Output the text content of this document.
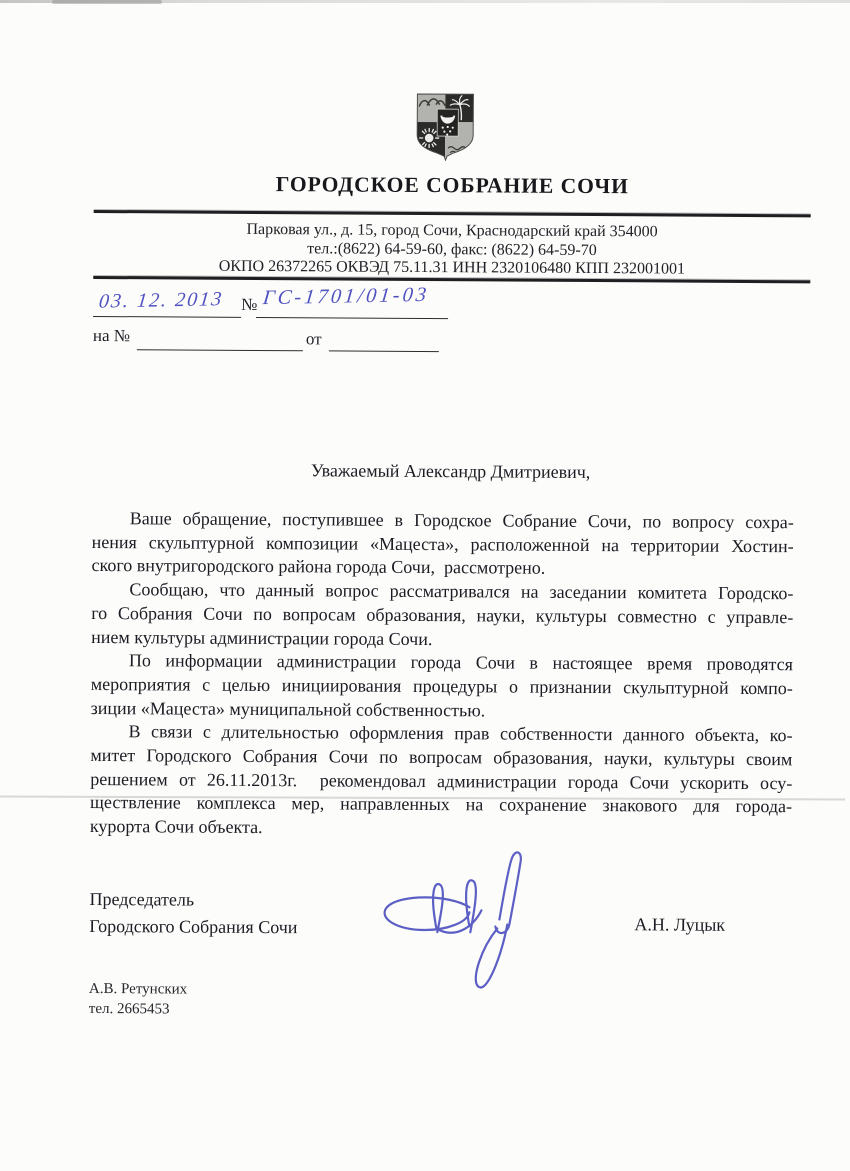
ГОРОДСКОЕ СОБРАНИЕ СОЧИ
Парковая ул., д. 15, город Сочи, Краснодарский край 354000
тел.:(8622) 64-59-60, факс: (8622) 64-59-70
ОКПО 26372265 ОКВЭД 75.11.31 ИНН 2320106480 КПП 232001001
03. 12. 2013 № ГС-1701/01-03
на №	от
Уважаемый Александр Дмитриевич,
Ваше обращение, поступившее в Городское Собрание Сочи, по вопросу сохра-
нения скульптурной композиции «Мацеста», расположенной на территории Хостин-
ского внутригородского района города Сочи,  рассмотрено.
Сообщаю, что данный вопрос рассматривался на заседании комитета Городско-
го Собрания Сочи по вопросам образования, науки, культуры совместно с управле-
нием культуры администрации города Сочи.
По информации администрации города Сочи в настоящее время проводятся
мероприятия с целью инициирования процедуры о признании скульптурной компо-
зиции «Мацеста» муниципальной собственностью.
В связи с длительностью оформления прав собственности данного объекта, ко-
митет Городского Собрания Сочи по вопросам образования, науки, культуры своим
решением от 26.11.2013г.  рекомендовал администрации города Сочи ускорить осу-
ществление комплекса мер, направленных на сохранение знакового для города-
курорта Сочи объекта.
Председатель
Городского Собрания Сочи	А.Н. Луцык
А.В. Ретунских
тел. 2665453
